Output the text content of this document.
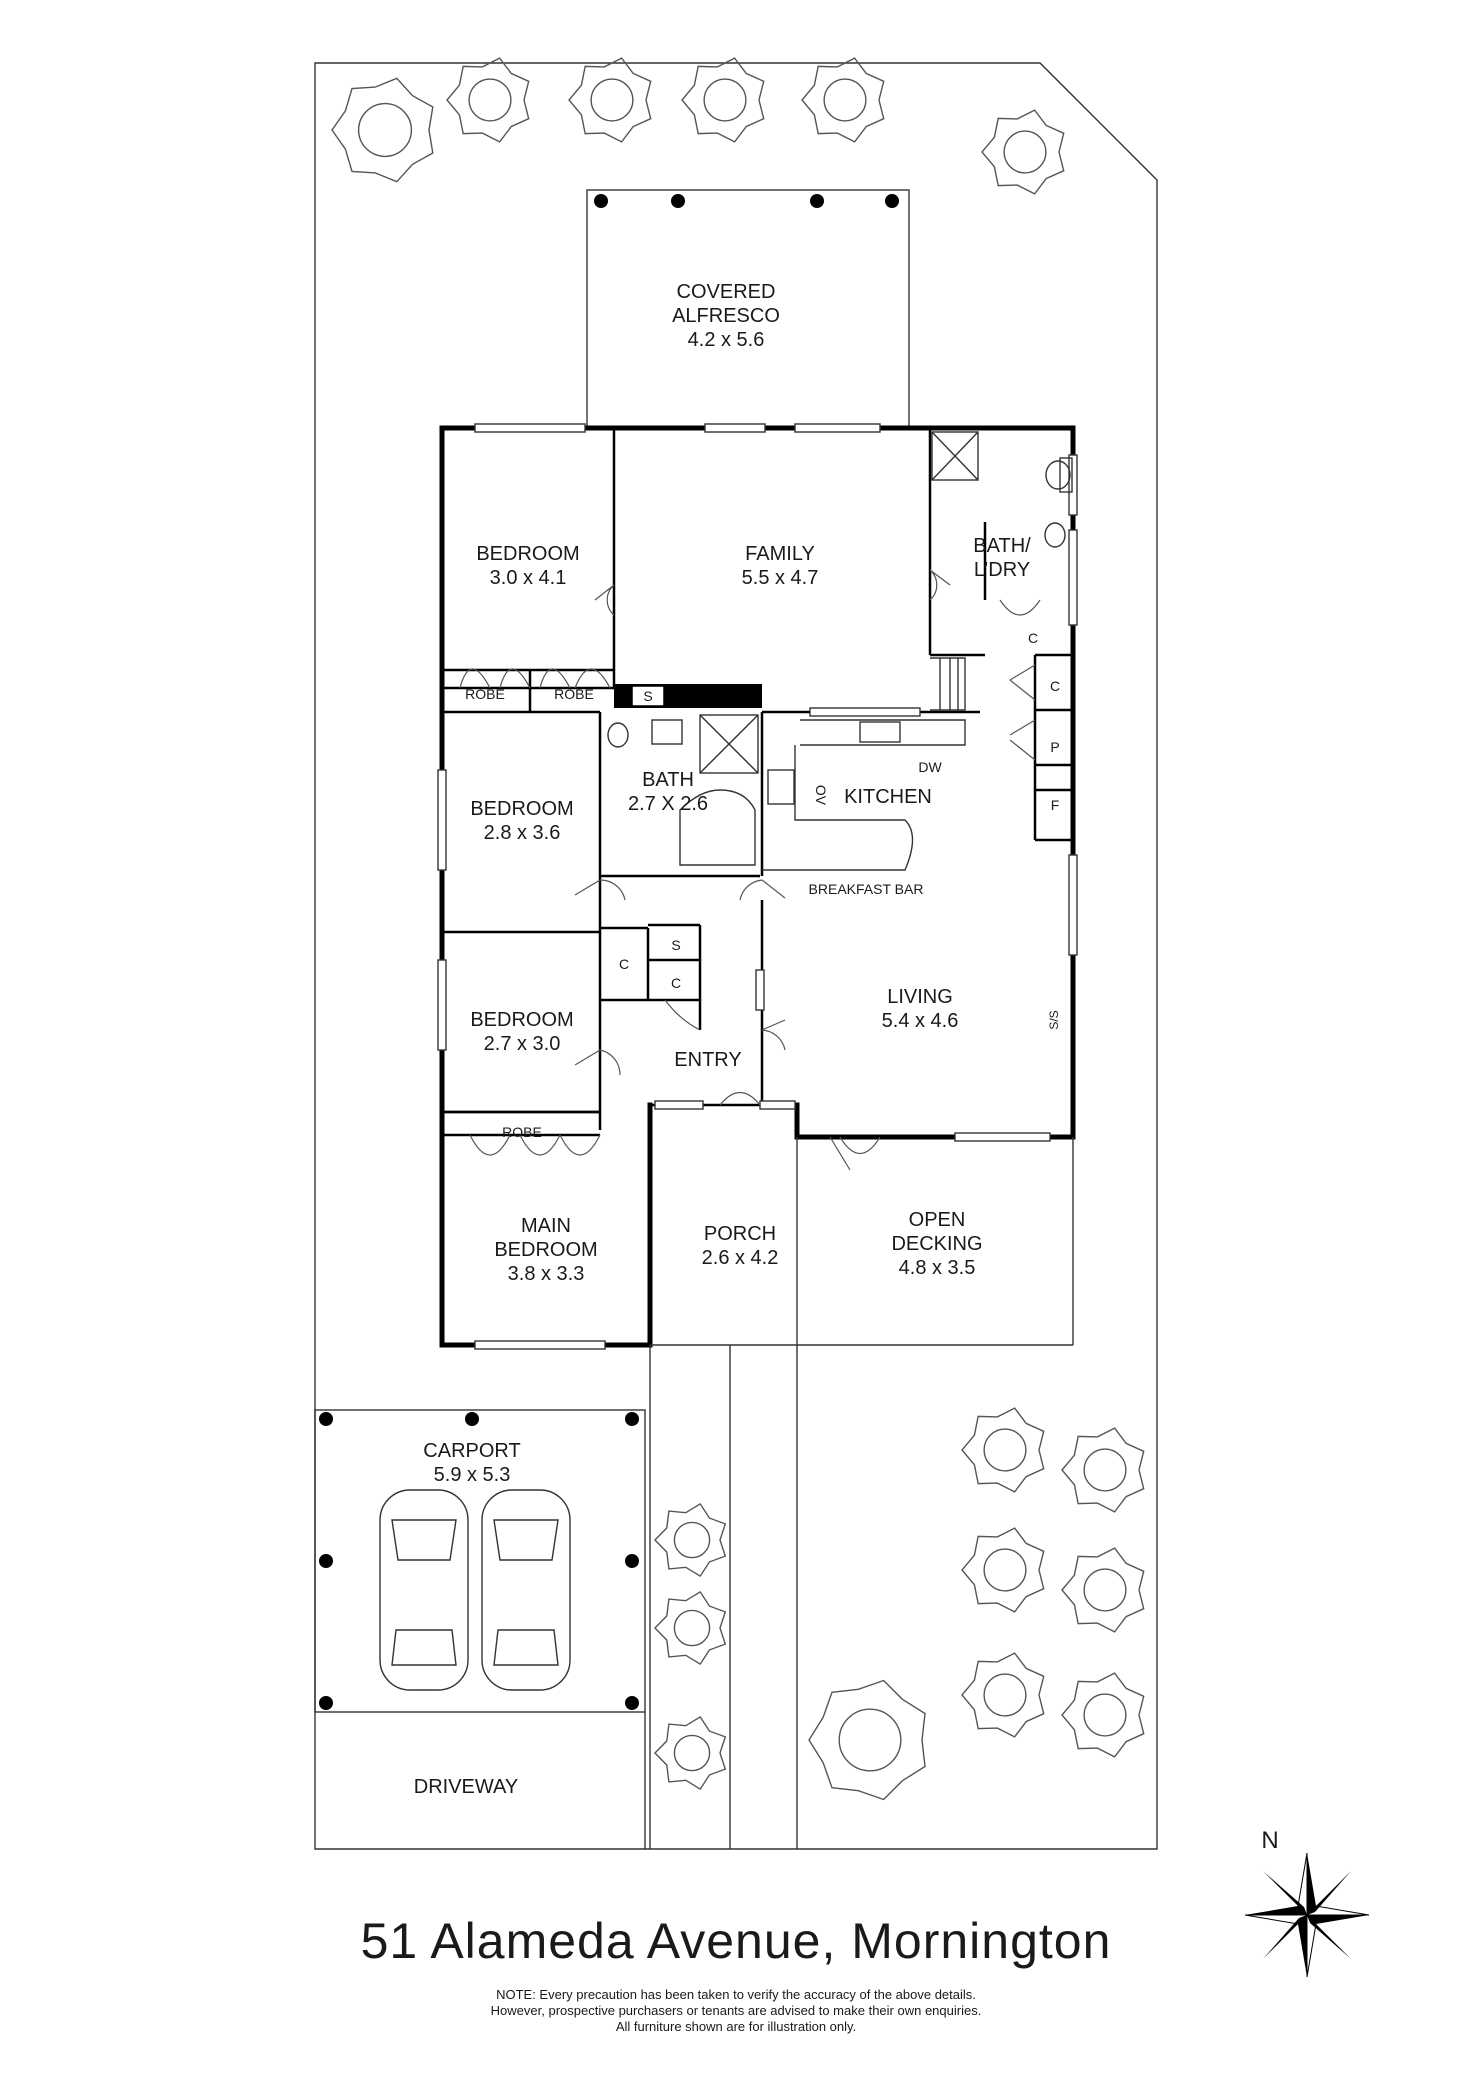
N
COVERED
ALFRESCO
4.2 x 5.6
BEDROOM
3.0 x 4.1
FAMILY
5.5 x 4.7
BATH/
L’DRY
BEDROOM
2.8 x 3.6
BATH
2.7 X 2.6	KITCHEN
BEDROOM
2.7 x 3.0
ENTRY
LIVING
5.4 x 4.6
MAIN
BEDROOM
3.8 x 3.3
PORCH
2.6 x 4.2
OPEN
DECKING
4.8 x 3.5
CARPORT
5.9 x 5.3
DRIVEWAY
ROBE	ROBE
ROBE
S
S
C
C
C
C
P
F
DW
OV
S/S
BREAKFAST BAR
51 Alameda Avenue, Mornington
NOTE: Every precaution has been taken to verify the accuracy of the above details.
However, prospective purchasers or tenants are advised to make their own enquiries.
All furniture shown are for illustration only.
